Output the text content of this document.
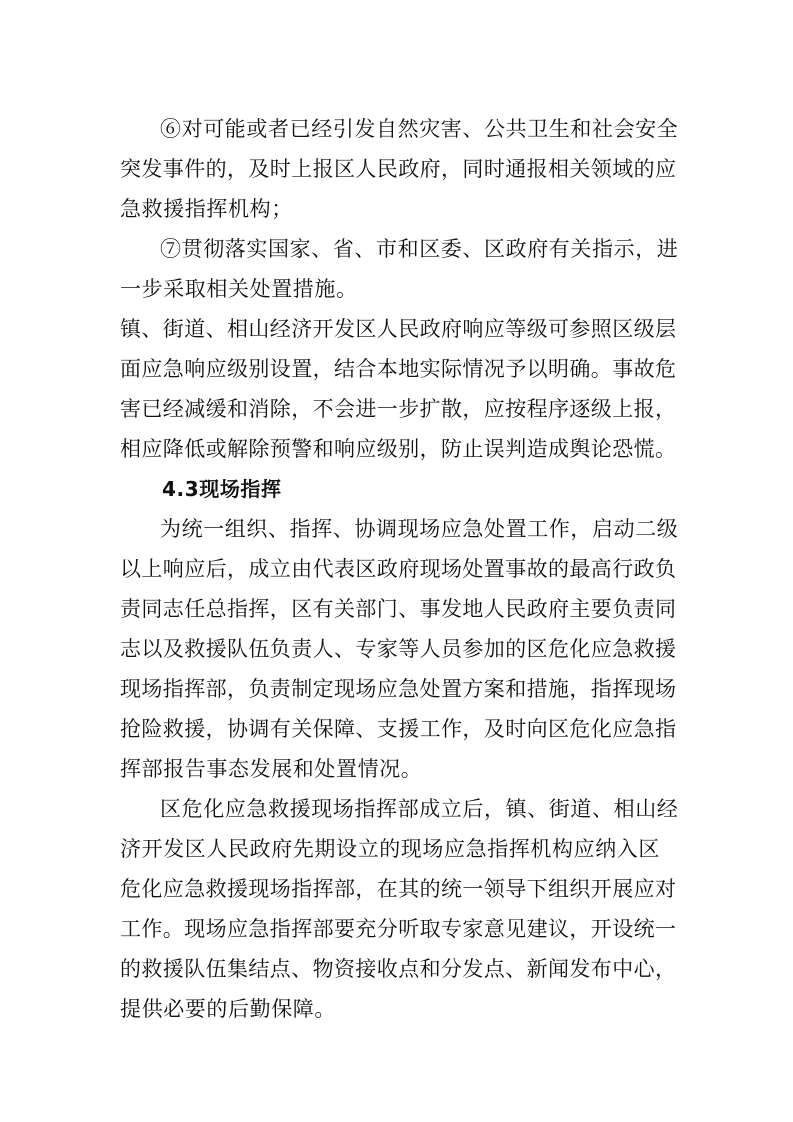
⑥对可能或者已经引发自然灾害、公共卫生和社会安全
突发事件的，及时上报区人民政府，同时通报相关领域的应
急救援指挥机构；
⑦贯彻落实国家、省、市和区委、区政府有关指示，进
一步采取相关处置措施。
镇、街道、相山经济开发区人民政府响应等级可参照区级层
面应急响应级别设置，结合本地实际情况予以明确。事故危
害已经减缓和消除，不会进一步扩散，应按程序逐级上报，
相应降低或解除预警和响应级别，防止误判造成舆论恐慌。
4.3现场指挥
为统一组织、指挥、协调现场应急处置工作，启动二级
以上响应后，成立由代表区政府现场处置事故的最高行政负
责同志任总指挥，区有关部门、事发地人民政府主要负责同
志以及救援队伍负责人、专家等人员参加的区危化应急救援
现场指挥部，负责制定现场应急处置方案和措施，指挥现场
抢险救援，协调有关保障、支援工作，及时向区危化应急指
挥部报告事态发展和处置情况。
区危化应急救援现场指挥部成立后，镇、街道、相山经
济开发区人民政府先期设立的现场应急指挥机构应纳入区
危化应急救援现场指挥部，在其的统一领导下组织开展应对
工作。现场应急指挥部要充分听取专家意见建议，开设统一
的救援队伍集结点、物资接收点和分发点、新闻发布中心，
提供必要的后勤保障。
